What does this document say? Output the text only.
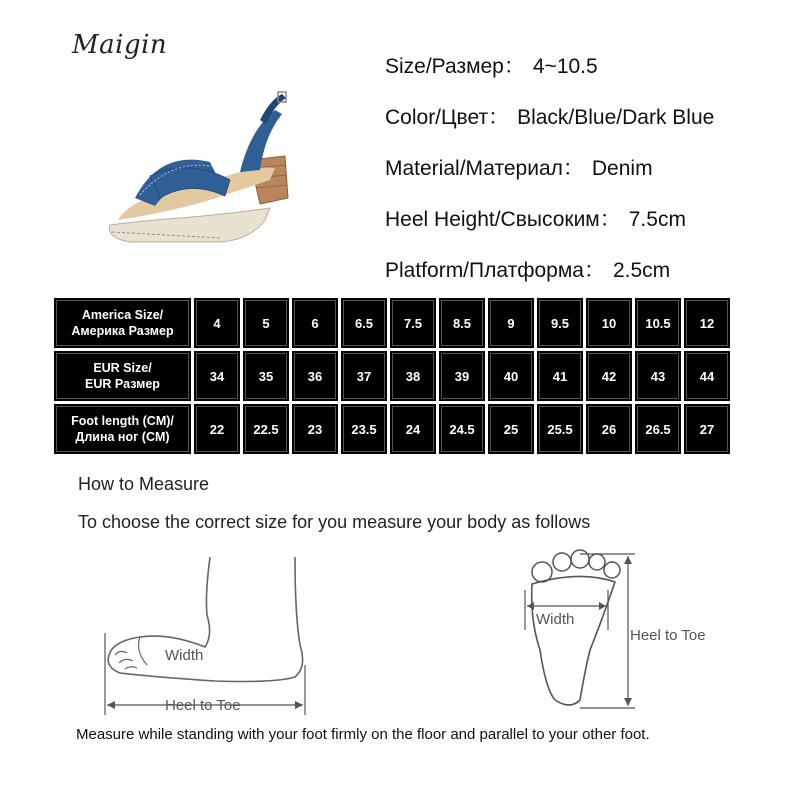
Maigin
Size/Размер： 4~10.5
Color/Цвет： Black/Blue/Dark Blue
Material/Материал： Denim
Heel Height/Свысоким： 7.5cm
Platform/Платформа： 2.5cm
America Size/
Америка Размер	4	5	6	6.5	7.5	8.5	9	9.5	10	10.5	12
EUR Size/
EUR Размер	34	35	36	37	38	39	40	41	42	43	44
Foot length (CM)/
Длина ног (CM)	22	22.5	23	23.5	24	24.5	25	25.5	26	26.5	27
How to Measure
To choose the correct size for you measure your body as follows
Width
Heel to Toe
Width
Heel to Toe
Measure while standing with your foot firmly on the floor and parallel to your other foot.
